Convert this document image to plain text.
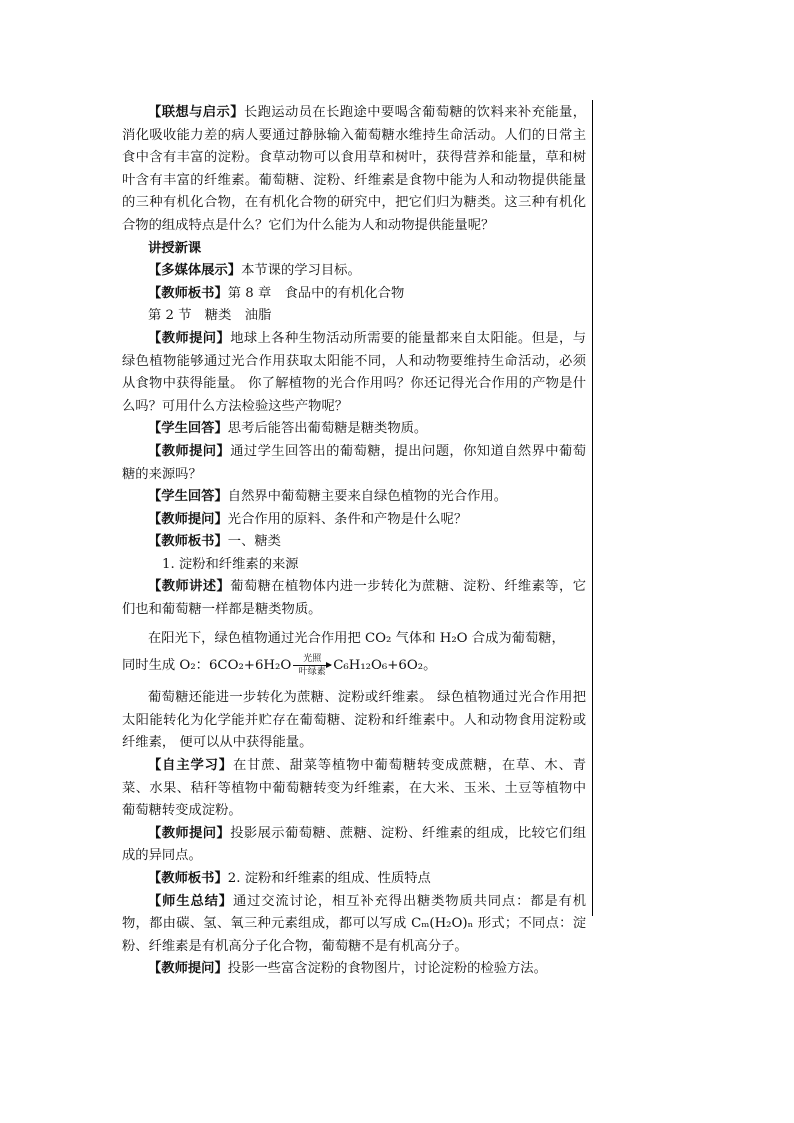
【联想与启示】长跑运动员在长跑途中要喝含葡萄糖的饮料来补充能量，消化吸收能力差的病人要通过静脉输入葡萄糖水维持生命活动。人们的日常主食中含有丰富的淀粉。食草动物可以食用草和树叶，获得营养和能量，草和树叶含有丰富的纤维素。葡萄糖、淀粉、纤维素是食物中能为人和动物提供能量的三种有机化合物，在有机化合物的研究中，把它们归为糖类。这三种有机化合物的组成特点是什么？它们为什么能为人和动物提供能量呢？

讲授新课

【多媒体展示】本节课的学习目标。

【教师板书】第 8 章　食品中的有机化合物

第 2 节　糖类　油脂

【教师提问】地球上各种生物活动所需要的能量都来自太阳能。但是，与绿色植物能够通过光合作用获取太阳能不同，人和动物要维持生命活动，必须从食物中获得能量。 你了解植物的光合作用吗？你还记得光合作用的产物是什么吗？可用什么方法检验这些产物呢？

【学生回答】思考后能答出葡萄糖是糖类物质。

【教师提问】通过学生回答出的葡萄糖，提出问题，你知道自然界中葡萄糖的来源吗？

【学生回答】自然界中葡萄糖主要来自绿色植物的光合作用。

【教师提问】光合作用的原料、条件和产物是什么呢？

【教师板书】一、糖类

1. 淀粉和纤维素的来源

【教师讲述】葡萄糖在植物体内进一步转化为蔗糖、淀粉、纤维素等，它们也和葡萄糖一样都是糖类物质。

在阳光下，绿色植物通过光合作用把 CO₂ 气体和 H₂O 合成为葡萄糖，

同时生成 O₂：6CO₂+6H₂O 光照
叶绿素 C₆H₁₂O₆+6O₂。

葡萄糖还能进一步转化为蔗糖、淀粉或纤维素。 绿色植物通过光合作用把太阳能转化为化学能并贮存在葡萄糖、淀粉和纤维素中。人和动物食用淀粉或纤维素， 便可以从中获得能量。

【自主学习】在甘蔗、甜菜等植物中葡萄糖转变成蔗糖，在草、木、青菜、水果、秸秆等植物中葡萄糖转变为纤维素，在大米、玉米、土豆等植物中葡萄糖转变成淀粉。

【教师提问】投影展示葡萄糖、蔗糖、淀粉、纤维素的组成，比较它们组成的异同点。

【教师板书】2. 淀粉和纤维素的组成、性质特点

【师生总结】通过交流讨论，相互补充得出糖类物质共同点：都是有机物，都由碳、氢、氧三种元素组成，都可以写成 Cₘ(H₂O)ₙ 形式；不同点：淀粉、纤维素是有机高分子化合物，葡萄糖不是有机高分子。

【教师提问】投影一些富含淀粉的食物图片，讨论淀粉的检验方法。
